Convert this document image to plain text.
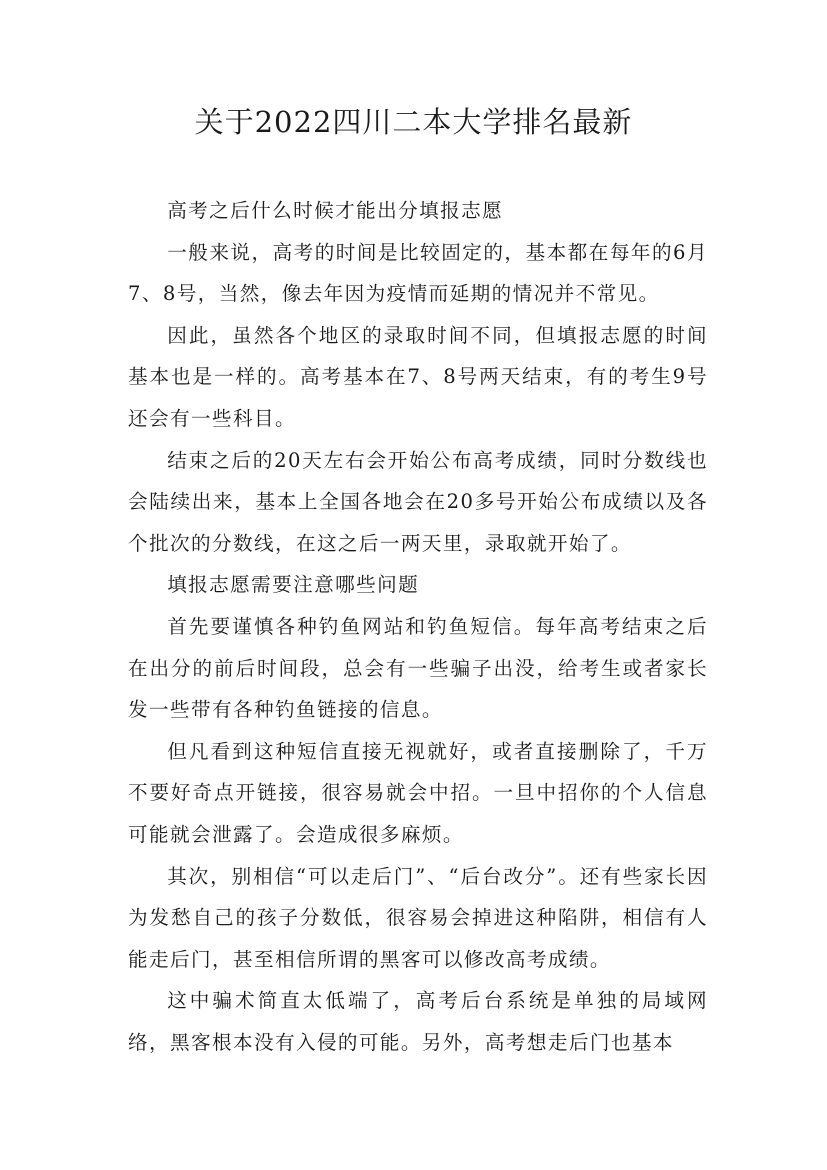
关于2022四川二本大学排名最新

高考之后什么时候才能出分填报志愿

一般来说，高考的时间是比较固定的，基本都在每年的6月7、8号，当然，像去年因为疫情而延期的情况并不常见。

因此，虽然各个地区的录取时间不同，但填报志愿的时间基本也是一样的。高考基本在7、8号两天结束，有的考生9号还会有一些科目。

结束之后的20天左右会开始公布高考成绩，同时分数线也会陆续出来，基本上全国各地会在20多号开始公布成绩以及各个批次的分数线，在这之后一两天里，录取就开始了。

填报志愿需要注意哪些问题

首先要谨慎各种钓鱼网站和钓鱼短信。每年高考结束之后在出分的前后时间段，总会有一些骗子出没，给考生或者家长发一些带有各种钓鱼链接的信息。

但凡看到这种短信直接无视就好，或者直接删除了，千万不要好奇点开链接，很容易就会中招。一旦中招你的个人信息可能就会泄露了。会造成很多麻烦。

其次，别相信“可以走后门”、“后台改分”。还有些家长因为发愁自己的孩子分数低，很容易会掉进这种陷阱，相信有人能走后门，甚至相信所谓的黑客可以修改高考成绩。

这中骗术简直太低端了，高考后台系统是单独的局域网络，黑客根本没有入侵的可能。另外，高考想走后门也基本
